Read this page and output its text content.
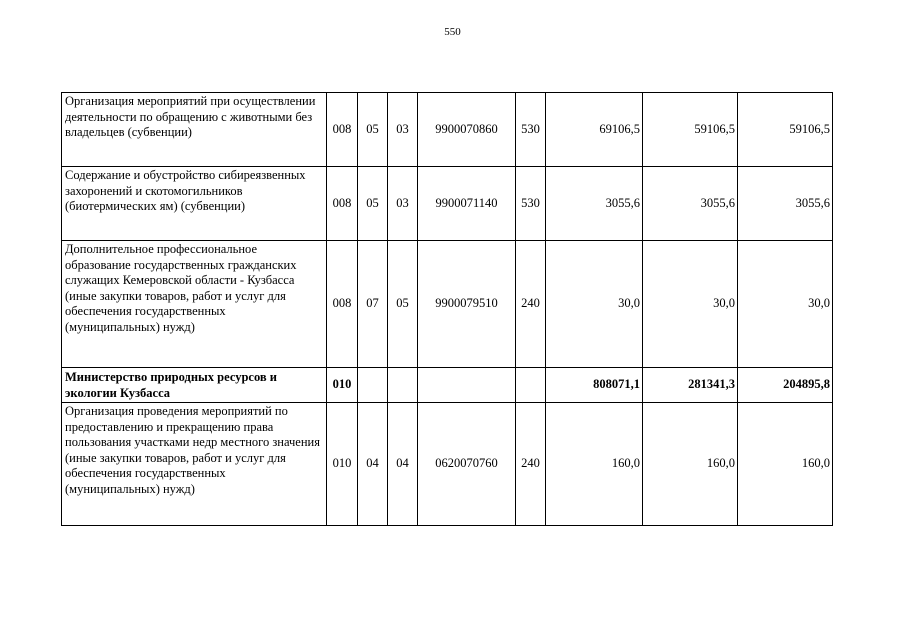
550
Организация мероприятий при осуществлении деятельности по обращению с животными без владельцев (субвенции)	008	05	03	9900070860	530	69106,5	59106,5	59106,5
Содержание и обустройство сибиреязвенных захоронений и скотомогильников (биотермических ям) (субвенции)	008	05	03	9900071140	530	3055,6	3055,6	3055,6
Дополнительное профессиональное образование государственных гражданских служащих Кемеровской области - Кузбасса (иные закупки товаров, работ и услуг для обеспечения государственных (муниципальных) нужд)	008	07	05	9900079510	240	30,0	30,0	30,0
Министерство природных ресурсов и экологии Кузбасса	010					808071,1	281341,3	204895,8
Организация проведения мероприятий по предоставлению и прекращению права пользования участками недр местного значения (иные закупки товаров, работ и услуг для обеспечения государственных (муниципальных) нужд)	010	04	04	0620070760	240	160,0	160,0	160,0
